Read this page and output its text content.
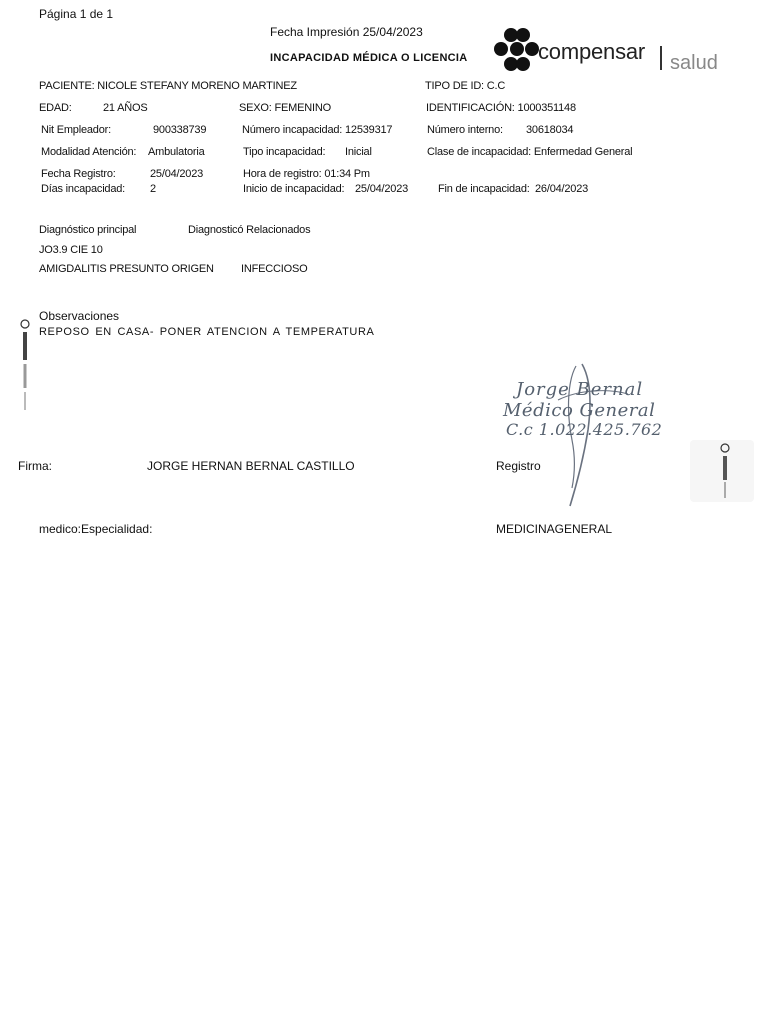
Página 1 de 1
Fecha Impresión 25/04/2023
INCAPACIDAD MÉDICA O LICENCIA	compensar salud
PACIENTE: NICOLE STEFANY MORENO MARTINEZ	TIPO DE ID: C.C
EDAD:	21 AÑOS	SEXO: FEMENINO	IDENTIFICACIÓN: 1000351148
Nit Empleador:	900338739	Número incapacidad: 12539317	Número interno: 30618034
Modalidad Atención: Ambulatoria	Tipo incapacidad: Inicial	Clase de incapacidad: Enfermedad General
Fecha Registro:	25/04/2023	Hora de registro: 01:34 Pm
Días incapacidad: 2	Inicio de incapacidad: 25/04/2023	Fin de incapacidad: 26/04/2023
Diagnóstico principal	Diagnosticó Relacionados
JO3.9 CIE 10
AMIGDALITIS PRESUNTO ORIGEN INFECCIOSO
Observaciones
REPOSO EN CASA- PONER ATENCION A TEMPERATURA
Jorge Bernal
Médico General
C.c 1.022.425.762
Firma:	JORGE HERNAN BERNAL CASTILLO	Registro
medico:Especialidad:	MEDICINAGENERAL
